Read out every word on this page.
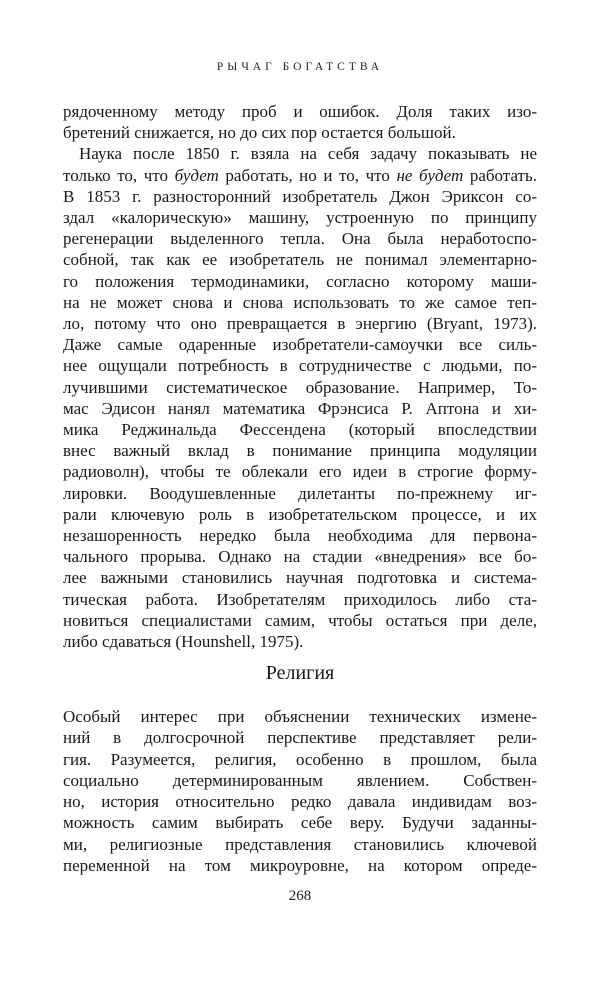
РЫЧАГ БОГАТСТВА
рядоченному методу проб и ошибок. Доля таких изо-
бретений снижается, но до сих пор остается большой.
Наука после 1850 г. взяла на себя задачу показывать не
только то, что будет работать, но и то, что не будет работать.
В 1853 г. разносторонний изобретатель Джон Эриксон со-
здал «калорическую» машину, устроенную по принципу
регенерации выделенного тепла. Она была неработоспо-
собной, так как ее изобретатель не понимал элементарно-
го положения термодинамики, согласно которому маши-
на не может снова и снова использовать то же самое теп-
ло, потому что оно превращается в энергию (Bryant, 1973).
Даже самые одаренные изобретатели-самоучки все силь-
нее ощущали потребность в сотрудничестве с людьми, по-
лучившими систематическое образование. Например, То-
мас Эдисон нанял математика Фрэнсиса Р. Аптона и хи-
мика Реджинальда Фессендена (который впоследствии
внес важный вклад в понимание принципа модуляции
радиоволн), чтобы те облекали его идеи в строгие форму-
лировки. Воодушевленные дилетанты по-прежнему иг-
рали ключевую роль в изобретательском процессе, и их
незашоренность нередко была необходима для первона-
чального прорыва. Однако на стадии «внедрения» все бо-
лее важными становились научная подготовка и система-
тическая работа. Изобретателям приходилось либо ста-
новиться специалистами самим, чтобы остаться при деле,
либо сдаваться (Hounshell, 1975).
Религия
Особый интерес при объяснении технических измене-
ний в долгосрочной перспективе представляет рели-
гия. Разумеется, религия, особенно в прошлом, была
социально детерминированным явлением. Собствен-
но, история относительно редко давала индивидам воз-
можность самим выбирать себе веру. Будучи заданны-
ми, религиозные представления становились ключевой
переменной на том микроуровне, на котором опреде-
268
